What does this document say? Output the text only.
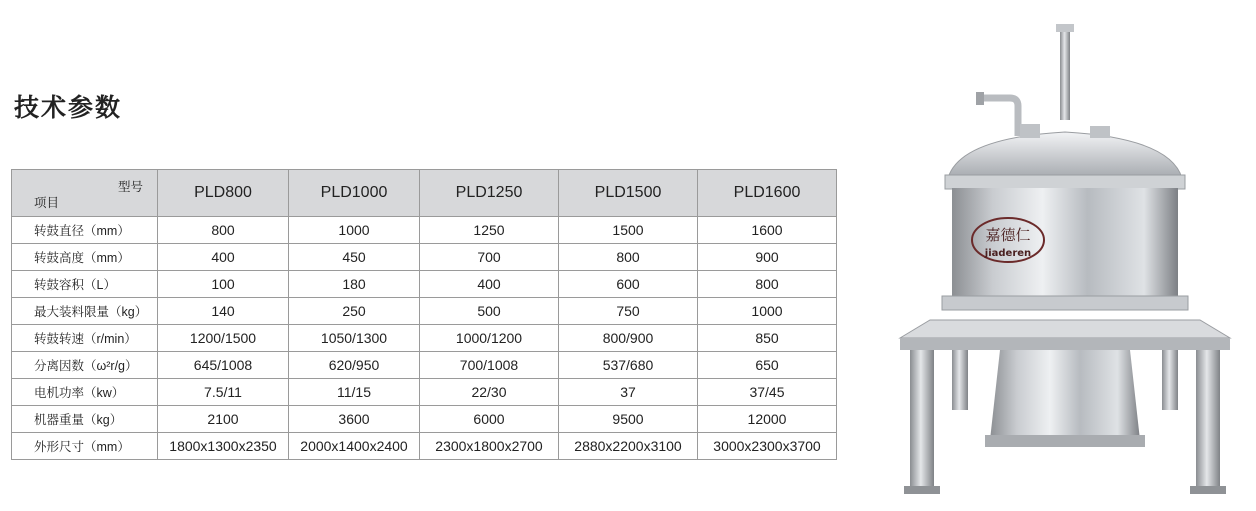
技术参数
型号
项目	PLD800	PLD1000	PLD1250	PLD1500	PLD1600
转鼓直径（mm）	800	1000	1250	1500	1600
转鼓高度（mm）	400	450	700	800	900
转鼓容积（L）	100	180	400	600	800
最大装料限量（kg）	140	250	500	750	1000
转鼓转速（r/min）	1200/1500	1050/1300	1000/1200	800/900	850
分离因数（ω²r/g）	645/1008	620/950	700/1008	537/680	650
电机功率（kw）	7.5/11	11/15	22/30	37	37/45
机器重量（kg）	2100	3600	6000	9500	12000
外形尺寸（mm）	1800x1300x2350	2000x1400x2400	2300x1800x2700	2880x2200x3100	3000x2300x3700
嘉德仁
jiaderen
